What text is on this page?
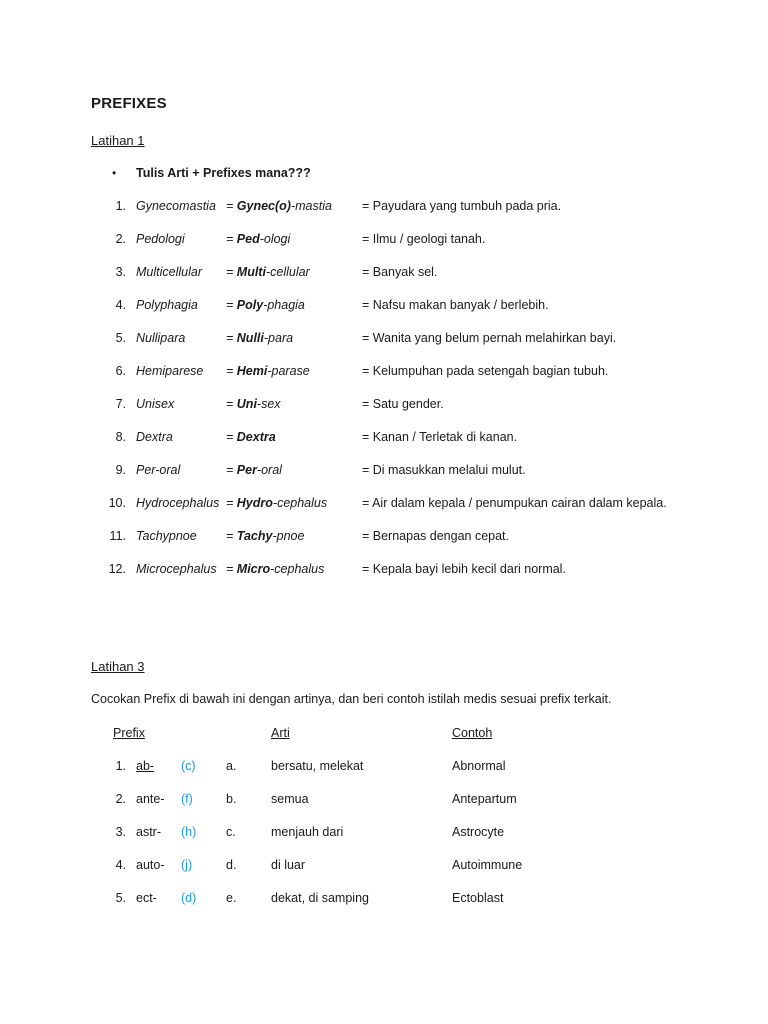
PREFIXES
Latihan 1
• Tulis Arti + Prefixes mana???
1. Gynecomastia = Gynec(o)-mastia = Payudara yang tumbuh pada pria.
2. Pedologi	= Ped-ologi	= Ilmu / geologi tanah.
3. Multicellular = Multi-cellular	= Banyak sel.
4. Polyphagia = Poly-phagia	= Nafsu makan banyak / berlebih.
5. Nullipara	= Nulli-para	= Wanita yang belum pernah melahirkan bayi.
6. Hemiparese = Hemi-parase	= Kelumpuhan pada setengah bagian tubuh.
7. Unisex	= Uni-sex	= Satu gender.
8. Dextra	= Dextra	= Kanan / Terletak di kanan.
9. Per-oral	= Per-oral	= Di masukkan melalui mulut.
10. Hydrocephalus = Hydro-cephalus	= Air dalam kepala / penumpukan cairan dalam kepala.
11. Tachypnoe = Tachy-pnoe	= Bernapas dengan cepat.
12. Microcephalus = Micro-cephalus	= Kepala bayi lebih kecil dari normal.
Latihan 3
Cocokan Prefix di bawah ini dengan artinya, dan beri contoh istilah medis sesuai prefix terkait.
Prefix	Arti	Contoh
1. ab- (c) a.	bersatu, melekat	Abnormal
2. ante- (f)	b.	semua	Antepartum
3. astr- (h) c.	menjauh dari	Astrocyte
4. auto- (j)	d.	di luar	Autoimmune
5. ect- (d) e.	dekat, di samping	Ectoblast
